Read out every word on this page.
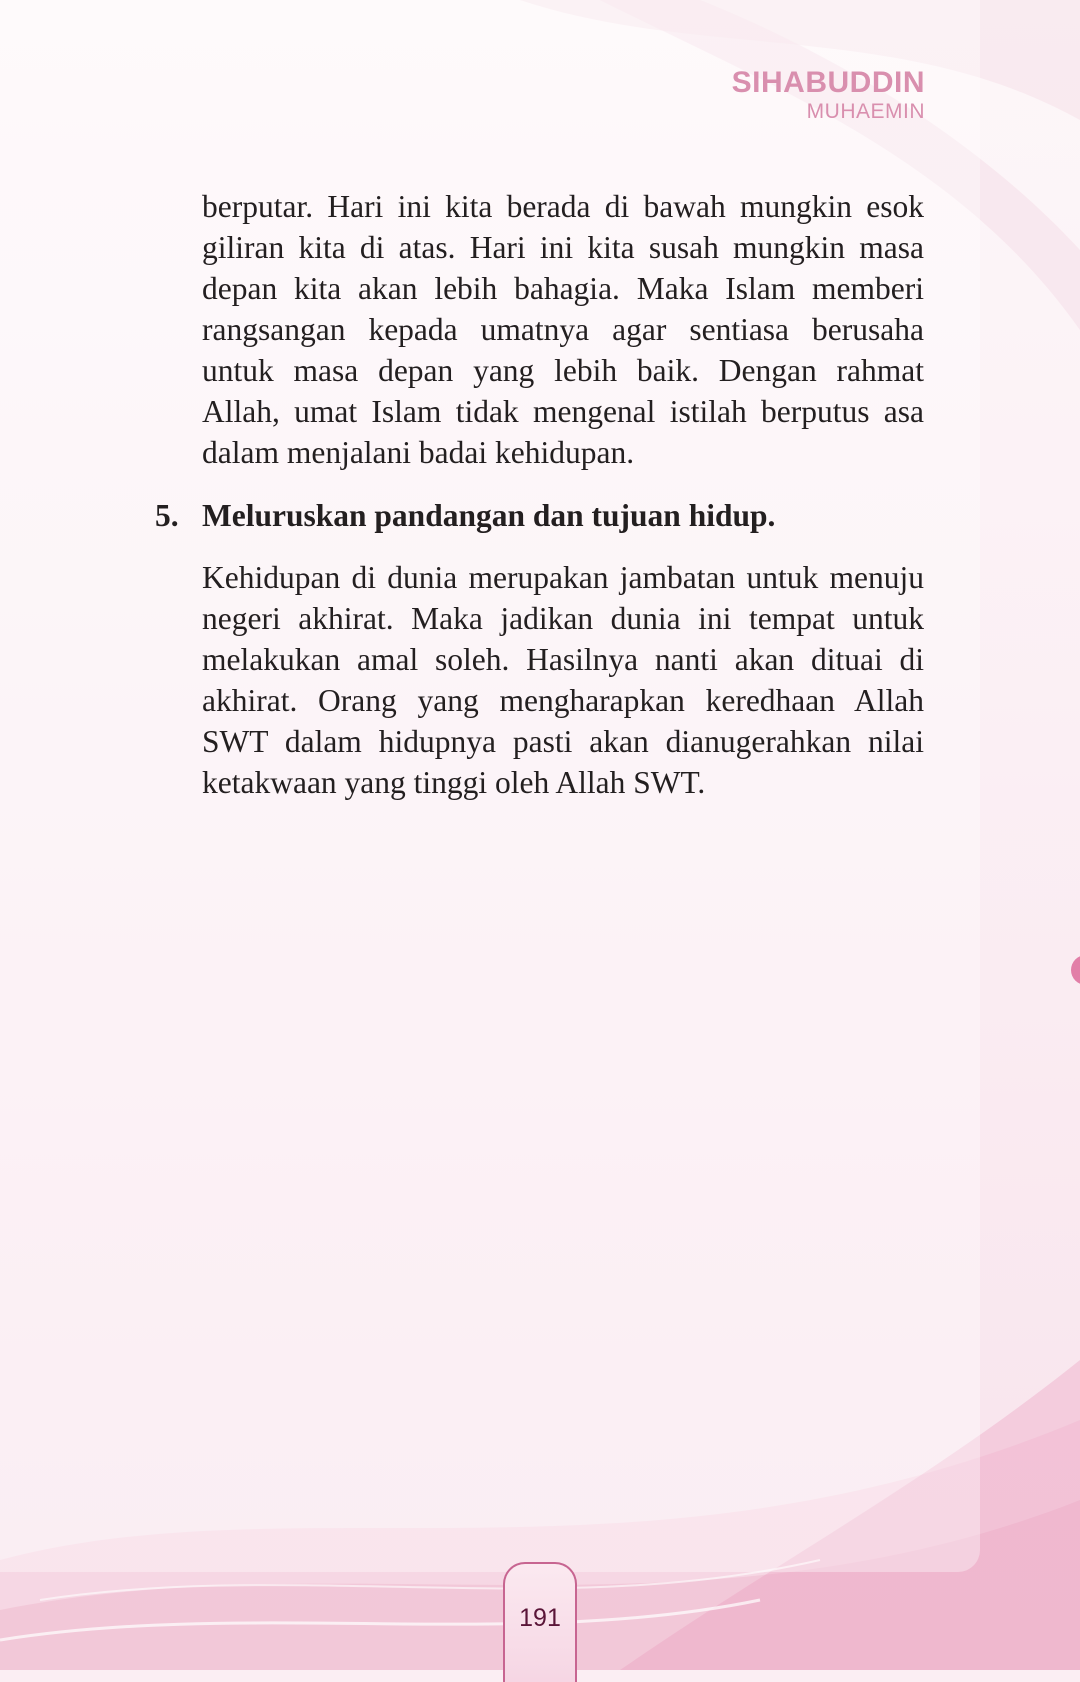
SIHABUDDIN
MUHAEMIN
berputar. Hari ini kita berada di bawah mungkin esok giliran kita di atas. Hari ini kita susah mungkin masa depan kita akan lebih bahagia. Maka Islam memberi rangsangan kepada umatnya agar sentiasa berusaha untuk masa depan yang lebih baik. Dengan rahmat Allah, umat Islam tidak mengenal istilah berputus asa dalam menjalani badai kehidupan.
5. Meluruskan pandangan dan tujuan hidup.
Kehidupan di dunia merupakan jambatan untuk menuju negeri akhirat. Maka jadikan dunia ini tempat untuk melakukan amal soleh. Hasilnya nanti akan dituai di akhirat. Orang yang mengharapkan keredhaan Allah SWT dalam hidupnya pasti akan dianugerahkan nilai ketakwaan yang tinggi oleh Allah SWT.
191
